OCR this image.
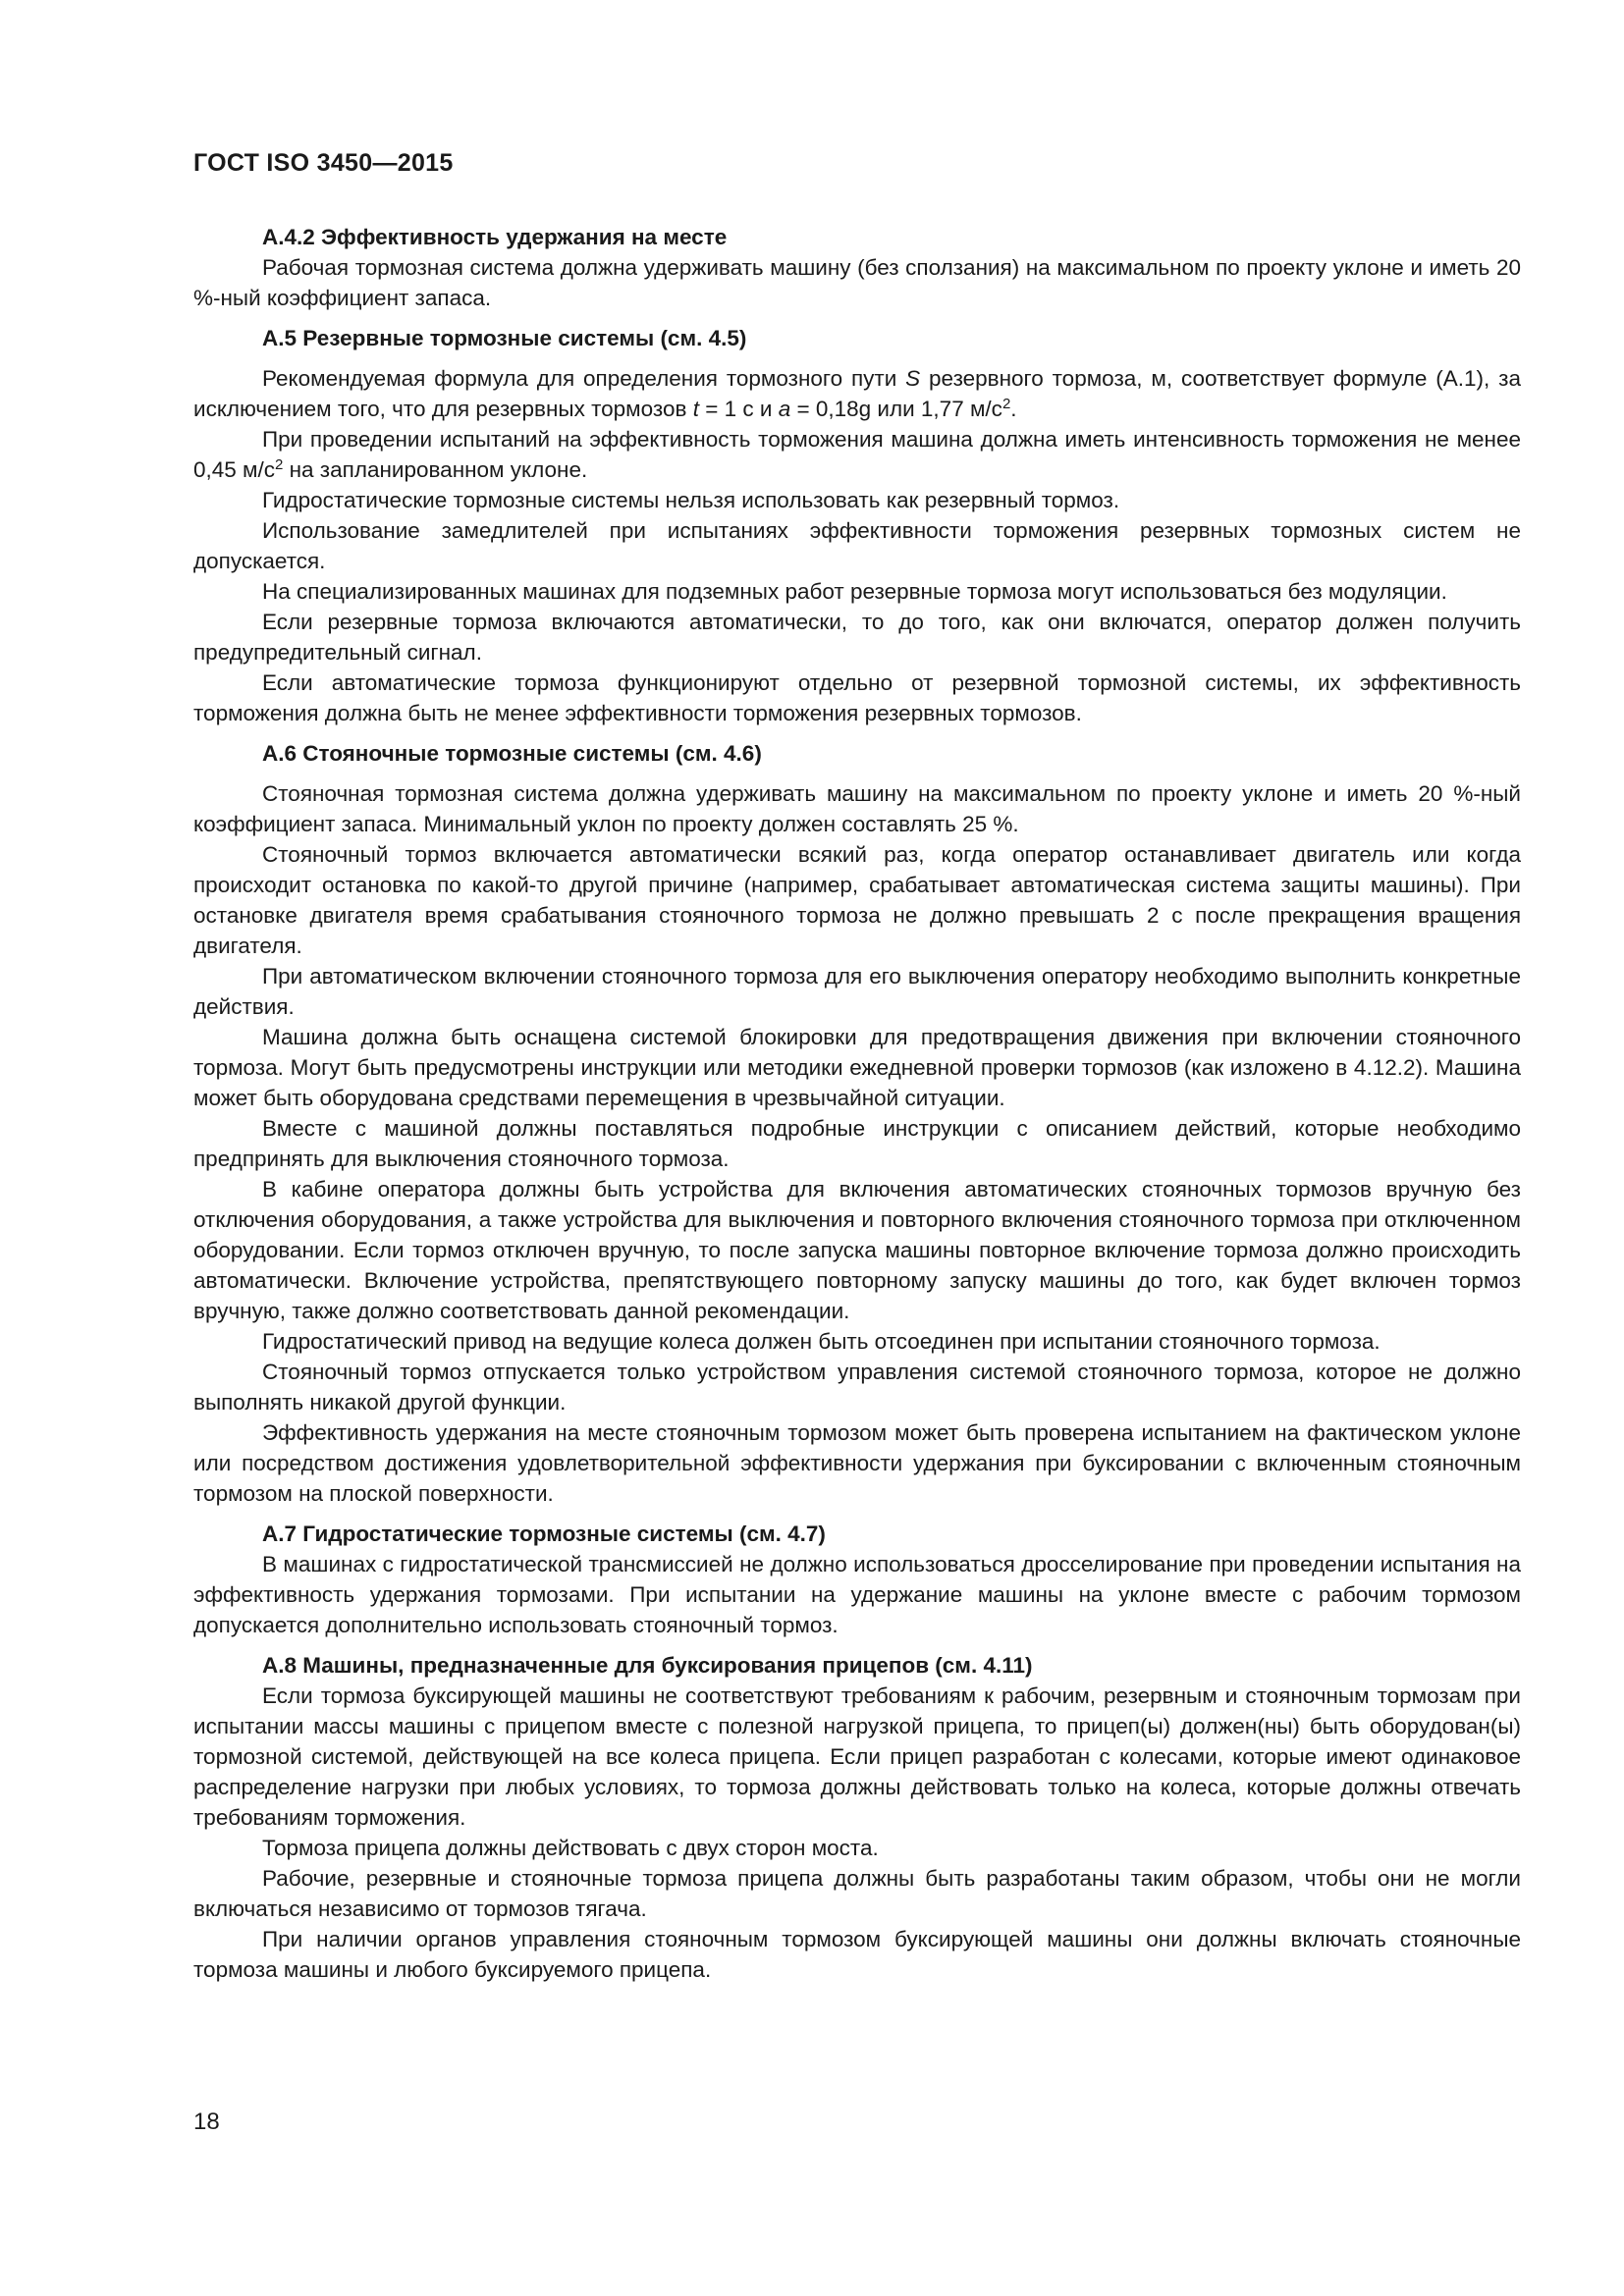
ГОСТ ISO 3450—2015

А.4.2 Эффективность удержания на месте

Рабочая тормозная система должна удерживать машину (без сползания) на максимальном по проекту уклоне и иметь 20 %-ный коэффициент запаса.

А.5 Резервные тормозные системы (см. 4.5)

Рекомендуемая формула для определения тормозного пути S резервного тормоза, м, соответствует формуле (А.1), за исключением того, что для резервных тормозов t = 1 с и a = 0,18g или 1,77 $м/с^2$.

При проведении испытаний на эффективность торможения машина должна иметь интенсивность торможения не менее 0,45 $м/с^2$ на запланированном уклоне.

Гидростатические тормозные системы нельзя использовать как резервный тормоз.

Использование замедлителей при испытаниях эффективности торможения резервных тормозных систем не допускается.

На специализированных машинах для подземных работ резервные тормоза могут использоваться без модуляции.

Если резервные тормоза включаются автоматически, то до того, как они включатся, оператор должен получить предупредительный сигнал.

Если автоматические тормоза функционируют отдельно от резервной тормозной системы, их эффективность торможения должна быть не менее эффективности торможения резервных тормозов.

А.6 Стояночные тормозные системы (см. 4.6)

Стояночная тормозная система должна удерживать машину на максимальном по проекту уклоне и иметь 20 %-ный коэффициент запаса. Минимальный уклон по проекту должен составлять 25 %.

Стояночный тормоз включается автоматически всякий раз, когда оператор останавливает двигатель или когда происходит остановка по какой-то другой причине (например, срабатывает автоматическая система защиты машины). При остановке двигателя время срабатывания стояночного тормоза не должно превышать 2 с после прекращения вращения двигателя.

При автоматическом включении стояночного тормоза для его выключения оператору необходимо выполнить конкретные действия.

Машина должна быть оснащена системой блокировки для предотвращения движения при включении стояночного тормоза. Могут быть предусмотрены инструкции или методики ежедневной проверки тормозов (как изложено в 4.12.2). Машина может быть оборудована средствами перемещения в чрезвычайной ситуации.

Вместе с машиной должны поставляться подробные инструкции с описанием действий, которые необходимо предпринять для выключения стояночного тормоза.

В кабине оператора должны быть устройства для включения автоматических стояночных тормозов вручную без отключения оборудования, а также устройства для выключения и повторного включения стояночного тормоза при отключенном оборудовании. Если тормоз отключен вручную, то после запуска машины повторное включение тормоза должно происходить автоматически. Включение устройства, препятствующего повторному запуску машины до того, как будет включен тормоз вручную, также должно соответствовать данной рекомендации.

Гидростатический привод на ведущие колеса должен быть отсоединен при испытании стояночного тормоза.

Стояночный тормоз отпускается только устройством управления системой стояночного тормоза, которое не должно выполнять никакой другой функции.

Эффективность удержания на месте стояночным тормозом может быть проверена испытанием на фактическом уклоне или посредством достижения удовлетворительной эффективности удержания при буксировании с включенным стояночным тормозом на плоской поверхности.

А.7 Гидростатические тормозные системы (см. 4.7)

В машинах с гидростатической трансмиссией не должно использоваться дросселирование при проведении испытания на эффективность удержания тормозами. При испытании на удержание машины на уклоне вместе с рабочим тормозом допускается дополнительно использовать стояночный тормоз.

А.8 Машины, предназначенные для буксирования прицепов (см. 4.11)

Если тормоза буксирующей машины не соответствуют требованиям к рабочим, резервным и стояночным тормозам при испытании массы машины с прицепом вместе с полезной нагрузкой прицепа, то прицеп(ы) должен(ны) быть оборудован(ы) тормозной системой, действующей на все колеса прицепа. Если прицеп разработан с колесами, которые имеют одинаковое распределение нагрузки при любых условиях, то тормоза должны действовать только на колеса, которые должны отвечать требованиям торможения.

Тормоза прицепа должны действовать с двух сторон моста.

Рабочие, резервные и стояночные тормоза прицепа должны быть разработаны таким образом, чтобы они не могли включаться независимо от тормозов тягача.

При наличии органов управления стояночным тормозом буксирующей машины они должны включать стояночные тормоза машины и любого буксируемого прицепа.

18
